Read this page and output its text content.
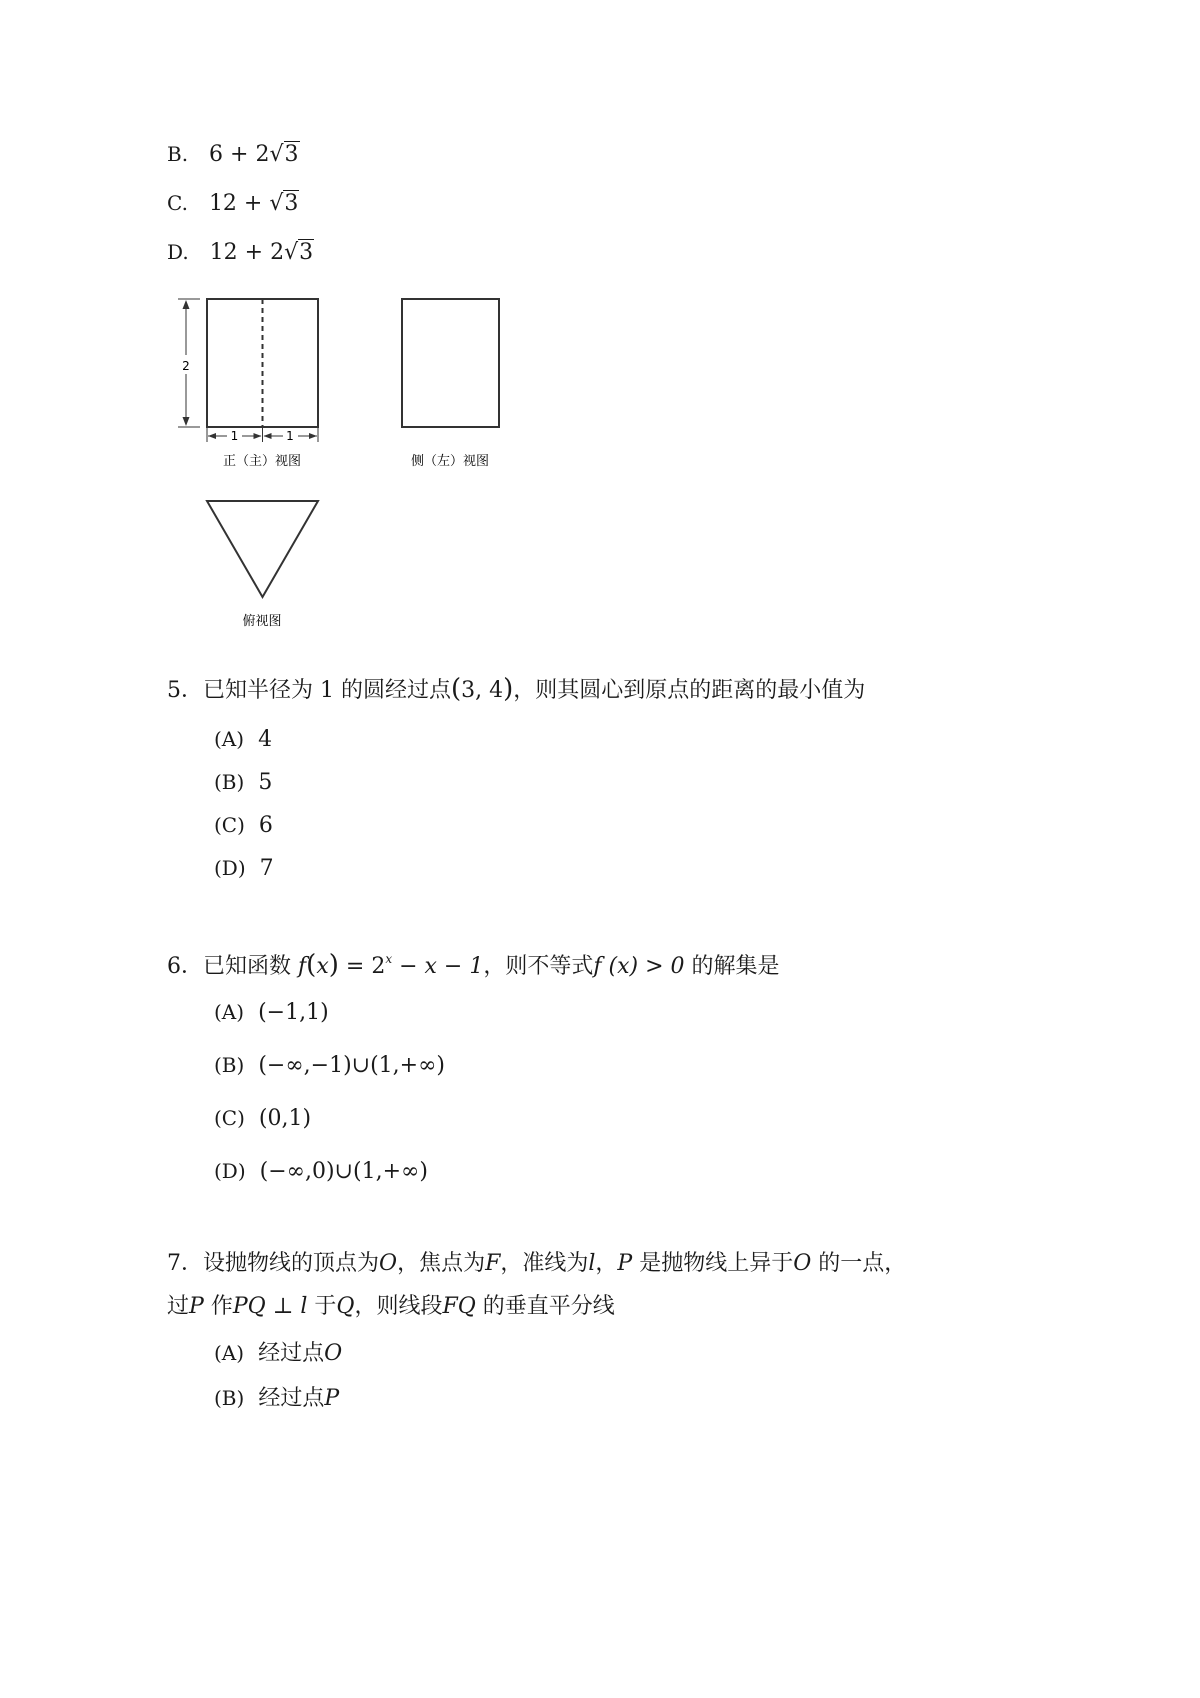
B. 6 + 2√3
C. 12 + √3
D. 12 + 2√3
2
1	1
正（主）视图	侧（左）视图
俯视图
5．已知半径为 1 的圆经过点(3, 4)，则其圆心到原点的距离的最小值为
(A) 4
(B) 5
(C) 6
(D) 7
6．已知函数 $f(x) = 2^x - x - 1$，则不等式f (x) > 0 的解集是
(A) (−1,1)
(B) (−∞,−1)∪(1,+∞)
(C) (0,1)
(D) (−∞,0)∪(1,+∞)
7．设抛物线的顶点为O，焦点为F，准线为l，P 是抛物线上异于O 的一点，
过P 作PQ ⊥ l 于Q，则线段FQ 的垂直平分线
(A) 经过点O
(B) 经过点P
